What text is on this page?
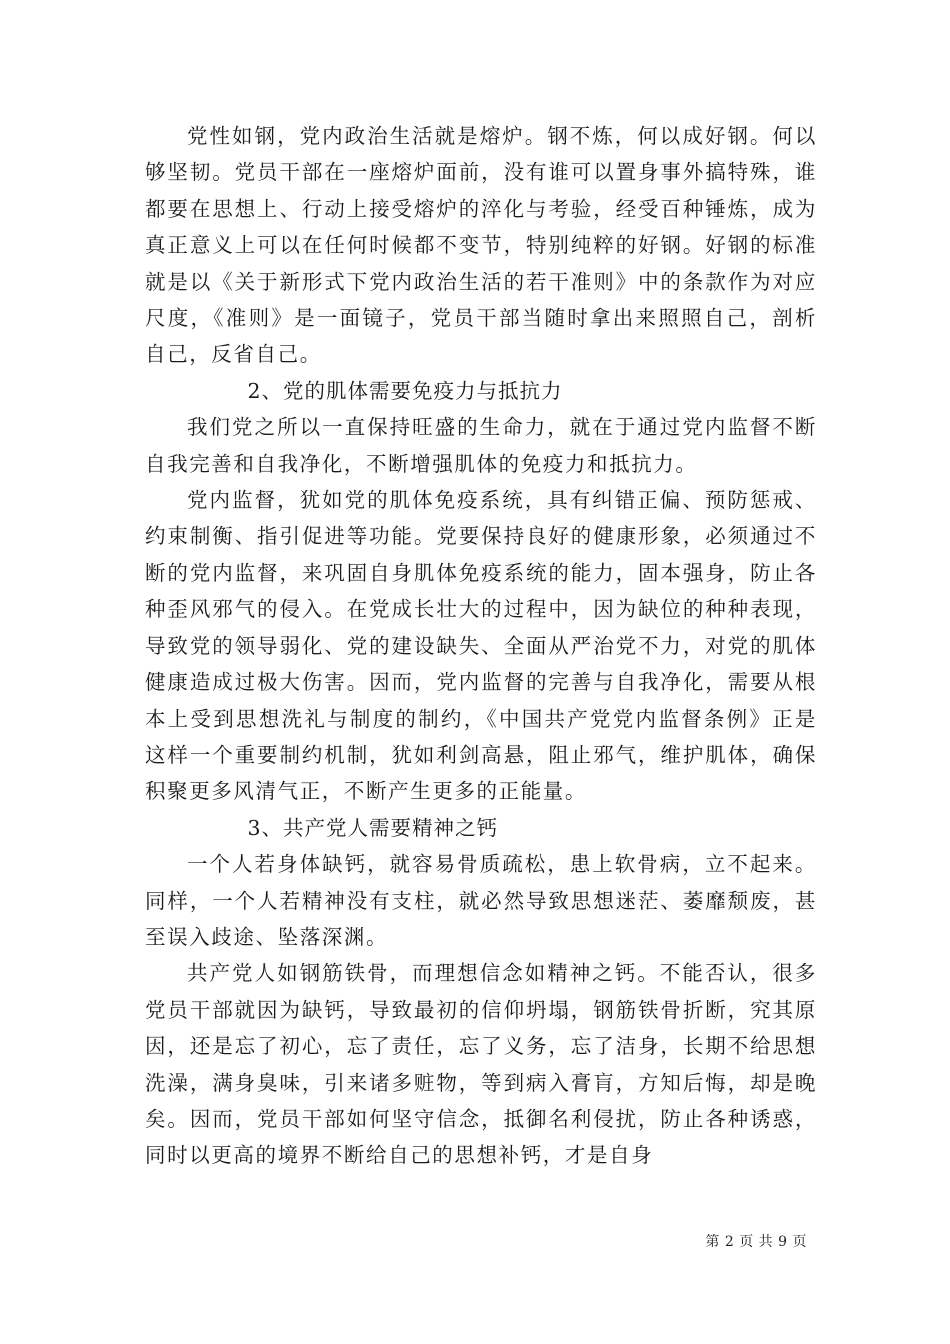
党性如钢，党内政治生活就是熔炉。钢不炼，何以成好钢。何以够坚韧。党员干部在一座熔炉面前，没有谁可以置身事外搞特殊，谁都要在思想上、行动上接受熔炉的淬化与考验，经受百种锤炼，成为真正意义上可以在任何时候都不变节，特别纯粹的好钢。好钢的标准就是以《关于新形式下党内政治生活的若干准则》中的条款作为对应尺度，《准则》是一面镜子，党员干部当随时拿出来照照自己，剖析自己，反省自己。

2、党的肌体需要免疫力与抵抗力

我们党之所以一直保持旺盛的生命力，就在于通过党内监督不断自我完善和自我净化，不断增强肌体的免疫力和抵抗力。

党内监督，犹如党的肌体免疫系统，具有纠错正偏、预防惩戒、约束制衡、指引促进等功能。党要保持良好的健康形象，必须通过不断的党内监督，来巩固自身肌体免疫系统的能力，固本强身，防止各种歪风邪气的侵入。在党成长壮大的过程中，因为缺位的种种表现，导致党的领导弱化、党的建设缺失、全面从严治党不力，对党的肌体健康造成过极大伤害。因而，党内监督的完善与自我净化，需要从根本上受到思想洗礼与制度的制约，《中国共产党党内监督条例》正是这样一个重要制约机制，犹如利剑高悬，阻止邪气，维护肌体，确保积聚更多风清气正，不断产生更多的正能量。

3、共产党人需要精神之钙

一个人若身体缺钙，就容易骨质疏松，患上软骨病，立不起来。同样，一个人若精神没有支柱，就必然导致思想迷茫、萎靡颓废，甚至误入歧途、坠落深渊。

共产党人如钢筋铁骨，而理想信念如精神之钙。不能否认，很多党员干部就因为缺钙，导致最初的信仰坍塌，钢筋铁骨折断，究其原因，还是忘了初心，忘了责任，忘了义务，忘了洁身，长期不给思想洗澡，满身臭味，引来诸多赃物，等到病入膏肓，方知后悔，却是晚矣。因而，党员干部如何坚守信念，抵御名利侵扰，防止各种诱惑，同时以更高的境界不断给自己的思想补钙，才是自身

第 2 页 共 9 页
